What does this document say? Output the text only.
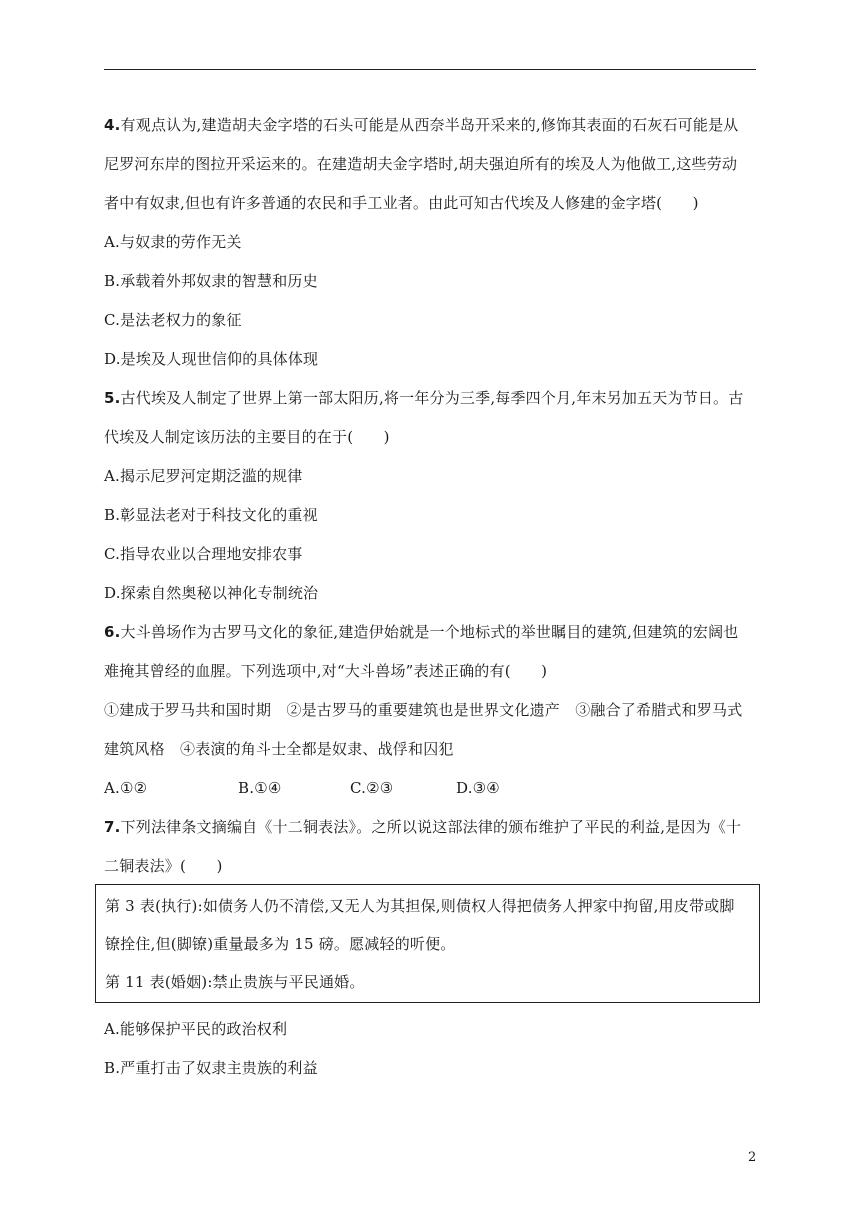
4.有观点认为,建造胡夫金字塔的石头可能是从西奈半岛开采来的,修饰其表面的石灰石可能是从
尼罗河东岸的图拉开采运来的。在建造胡夫金字塔时,胡夫强迫所有的埃及人为他做工,这些劳动
者中有奴隶,但也有许多普通的农民和手工业者。由此可知古代埃及人修建的金字塔(　　)
A.与奴隶的劳作无关
B.承载着外邦奴隶的智慧和历史
C.是法老权力的象征
D.是埃及人现世信仰的具体体现
5.古代埃及人制定了世界上第一部太阳历,将一年分为三季,每季四个月,年末另加五天为节日。古
代埃及人制定该历法的主要目的在于(　　)
A.揭示尼罗河定期泛滥的规律
B.彰显法老对于科技文化的重视
C.指导农业以合理地安排农事
D.探索自然奥秘以神化专制统治
6.大斗兽场作为古罗马文化的象征,建造伊始就是一个地标式的举世瞩目的建筑,但建筑的宏阔也
难掩其曾经的血腥。下列选项中,对“大斗兽场”表述正确的有(　　)
①建成于罗马共和国时期　②是古罗马的重要建筑也是世界文化遗产　③融合了希腊式和罗马式
建筑风格　④表演的角斗士全都是奴隶、战俘和囚犯
A.①②	B.①④	C.②③	D.③④
7.下列法律条文摘编自《十二铜表法》。之所以说这部法律的颁布维护了平民的利益,是因为《十
二铜表法》(　　)
第 3 表(执行):如债务人仍不清偿,又无人为其担保,则债权人得把债务人押家中拘留,用皮带或脚
镣拴住,但(脚镣)重量最多为 15 磅。愿减轻的听便。
第 11 表(婚姻):禁止贵族与平民通婚。
A.能够保护平民的政治权利
B.严重打击了奴隶主贵族的利益
2
